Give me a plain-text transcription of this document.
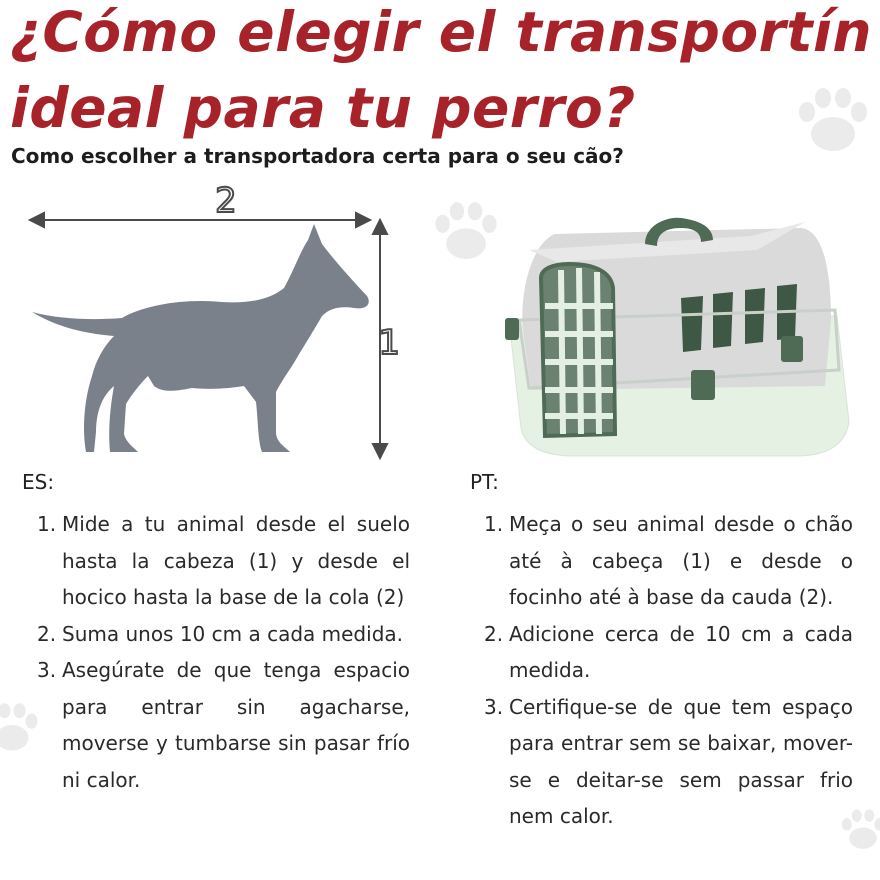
¿Cómo elegir el transportín ideal para tu perro?
Como escolher a transportadora certa para o seu cão?
2
1
ES:
1. Mide a tu animal desde el suelo hasta la cabeza (1) y desde el hocico hasta la base de la cola (2)
2. Suma unos 10 cm a cada medida.
3. Asegúrate de que tenga espacio para entrar sin agacharse, moverse y tumbarse sin pasar frío ni calor.
PT:
1. Meça o seu animal desde o chão até à cabeça (1) e desde o focinho até à base da cauda (2).
2. Adicione cerca de 10 cm a cada medida.
3. Certifique-se de que tem espaço para entrar sem se baixar, mover-se e deitar-se sem passar frio nem calor.
